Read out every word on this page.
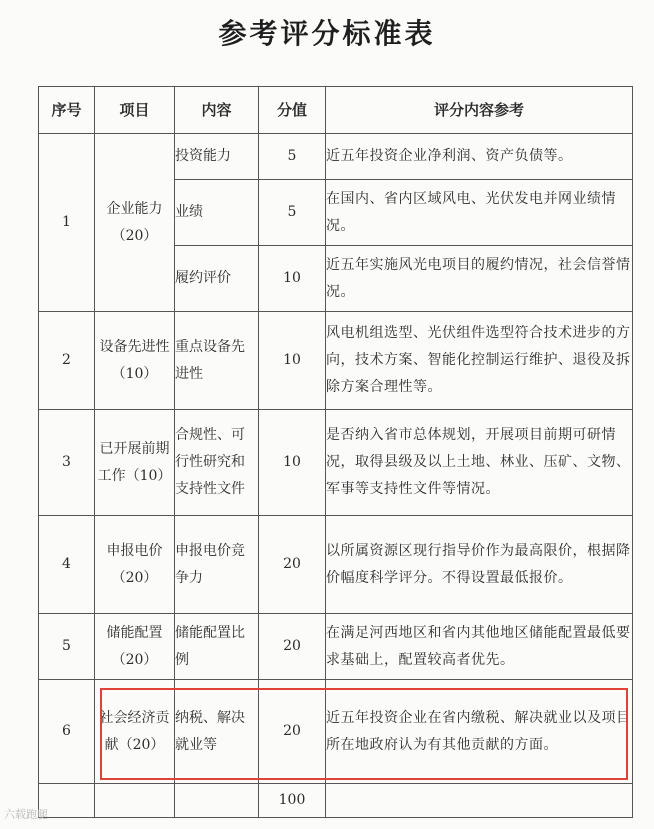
参考评分标准表
序号	项目	内容	分值	评分内容参考
1	企业能力（20）	投资能力	5	近五年投资企业净利润、资产负债等。
		业绩	5	在国内、省内区域风电、光伏发电并网业绩情况。
		履约评价	10	近五年实施风光电项目的履约情况，社会信誉情况。
2	设备先进性（10）	重点设备先进性	10	风电机组选型、光伏组件选型符合技术进步的方向，技术方案、智能化控制运行维护、退役及拆除方案合理性等。
3	已开展前期工作（10）	合规性、可行性研究和支持性文件	10	是否纳入省市总体规划，开展项目前期可研情况，取得县级及以上土地、林业、压矿、文物、军事等支持性文件等情况。
4	申报电价（20）	申报电价竞争力	20	以所属资源区现行指导价作为最高限价，根据降价幅度科学评分。不得设置最低报价。
5	储能配置（20）	储能配置比例	20	在满足河西地区和省内其他地区储能配置最低要求基础上，配置较高者优先。
6	社会经济贡献（20）	纳税、解决就业等	20	近五年投资企业在省内缴税、解决就业以及项目所在地政府认为有其他贡献的方面。
			100	
六载跑腿
